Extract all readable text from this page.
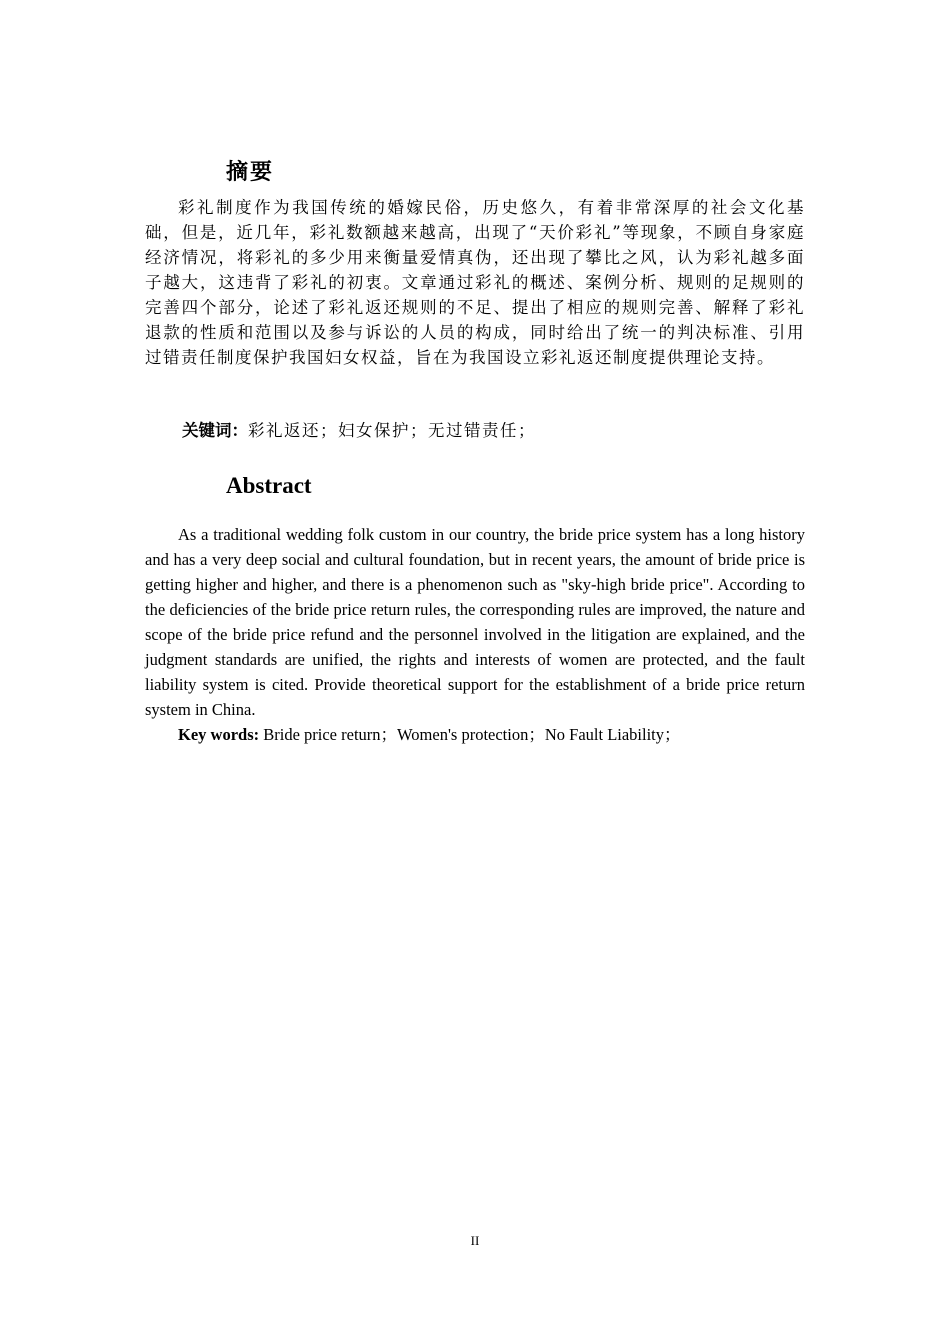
摘要

彩礼制度作为我国传统的婚嫁民俗，历史悠久，有着非常深厚的社会文化基础，但是，近几年，彩礼数额越来越高，出现了“天价彩礼”等现象，不顾自身家庭经济情况，将彩礼的多少用来衡量爱情真伪，还出现了攀比之风，认为彩礼越多面子越大，这违背了彩礼的初衷。文章通过彩礼的概述、案例分析、规则的足规则的完善四个部分，论述了彩礼返还规则的不足、提出了相应的规则完善、解释了彩礼退款的性质和范围以及参与诉讼的人员的构成，同时给出了统一的判决标准、引用过错责任制度保护我国妇女权益，旨在为我国设立彩礼返还制度提供理论支持。

关键词：彩礼返还；妇女保护；无过错责任；

Abstract

As a traditional wedding folk custom in our country, the bride price system has a long history and has a very deep social and cultural foundation, but in recent years, the amount of bride price is getting higher and higher, and there is a phenomenon such as "sky-high bride price". According to the deficiencies of the bride price return rules, the corresponding rules are improved, the nature and scope of the bride price refund and the personnel involved in the litigation are explained, and the judgment standards are unified, the rights and interests of women are protected, and the fault liability system is cited. Provide theoretical support for the establishment of a bride price return system in China.

Key words: Bride price return；Women's protection；No Fault Liability；

II
